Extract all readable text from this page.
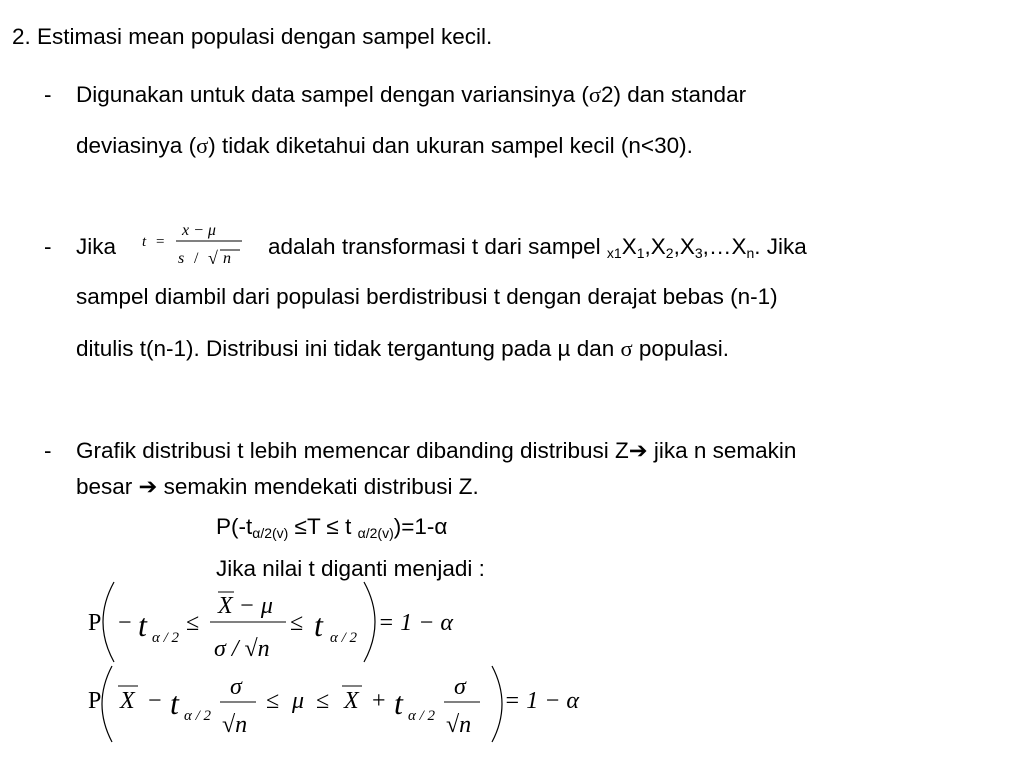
2. Estimasi mean populasi dengan sampel kecil.
- Digunakan untuk data sampel dengan variansinya (σ2) dan standar
deviasinya (σ) tidak diketahui dan ukuran sampel kecil (n<30).
- Jika t =
x − μ
s / √ n adalah transformasi t dari sampel $_{x1}X_1,X_2,X_3,\dots X_n$. Jika
sampel diambil dari populasi berdistribusi t dengan derajat bebas (n-1)
ditulis t(n-1). Distribusi ini tidak tergantung pada µ dan σ populasi.
- Grafik distribusi t lebih memencar dibanding distribusi Z➔ jika n semakin
besar ➔ semakin mendekati distribusi Z.
$P(-t_{\alpha/2(v)} \le T \le t$ $_{\alpha/2(v)}$)=1-α
Jika nilai t diganti menjadi :
P − t α / 2
≤
X − μ
σ / √n
≤ t α / 2
= 1 − α
P X − t α / 2
σ
√n
≤ μ ≤ X + t α / 2
σ
√n
= 1 − α
